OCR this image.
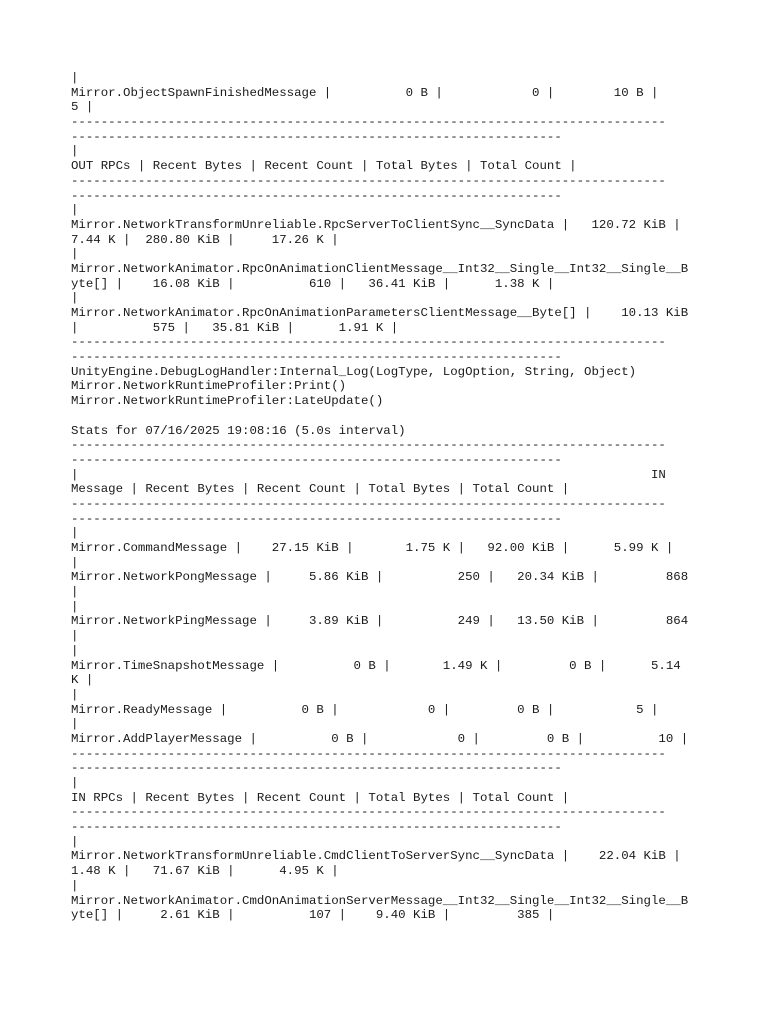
|
Mirror.ObjectSpawnFinishedMessage |          0 B |            0 |        10 B |
5 |
--------------------------------------------------------------------------------
------------------------------------------------------------------
|
OUT RPCs | Recent Bytes | Recent Count | Total Bytes | Total Count |
--------------------------------------------------------------------------------
------------------------------------------------------------------
|
Mirror.NetworkTransformUnreliable.RpcServerToClientSync__SyncData |   120.72 KiB |
7.44 K |  280.80 KiB |     17.26 K |
|
Mirror.NetworkAnimator.RpcOnAnimationClientMessage__Int32__Single__Int32__Single__B
yte[] |    16.08 KiB |          610 |   36.41 KiB |      1.38 K |
|
Mirror.NetworkAnimator.RpcOnAnimationParametersClientMessage__Byte[] |    10.13 KiB
|          575 |   35.81 KiB |      1.91 K |
--------------------------------------------------------------------------------
------------------------------------------------------------------
UnityEngine.DebugLogHandler:Internal_Log(LogType, LogOption, String, Object)
Mirror.NetworkRuntimeProfiler:Print()
Mirror.NetworkRuntimeProfiler:LateUpdate()
Stats for 07/16/2025 19:08:16 (5.0s interval)
--------------------------------------------------------------------------------
------------------------------------------------------------------
|                                                                             IN
Message | Recent Bytes | Recent Count | Total Bytes | Total Count |
--------------------------------------------------------------------------------
------------------------------------------------------------------
|
Mirror.CommandMessage |    27.15 KiB |       1.75 K |   92.00 KiB |      5.99 K |
|
Mirror.NetworkPongMessage |     5.86 KiB |          250 |   20.34 KiB |         868
|
|
Mirror.NetworkPingMessage |     3.89 KiB |          249 |   13.50 KiB |         864
|
|
Mirror.TimeSnapshotMessage |          0 B |       1.49 K |         0 B |      5.14
K |
|
Mirror.ReadyMessage |          0 B |            0 |         0 B |           5 |
|
Mirror.AddPlayerMessage |          0 B |            0 |         0 B |          10 |
--------------------------------------------------------------------------------
------------------------------------------------------------------
|
IN RPCs | Recent Bytes | Recent Count | Total Bytes | Total Count |
--------------------------------------------------------------------------------
------------------------------------------------------------------
|
Mirror.NetworkTransformUnreliable.CmdClientToServerSync__SyncData |    22.04 KiB |
1.48 K |   71.67 KiB |      4.95 K |
|
Mirror.NetworkAnimator.CmdOnAnimationServerMessage__Int32__Single__Int32__Single__B
yte[] |     2.61 KiB |          107 |    9.40 KiB |         385 |
